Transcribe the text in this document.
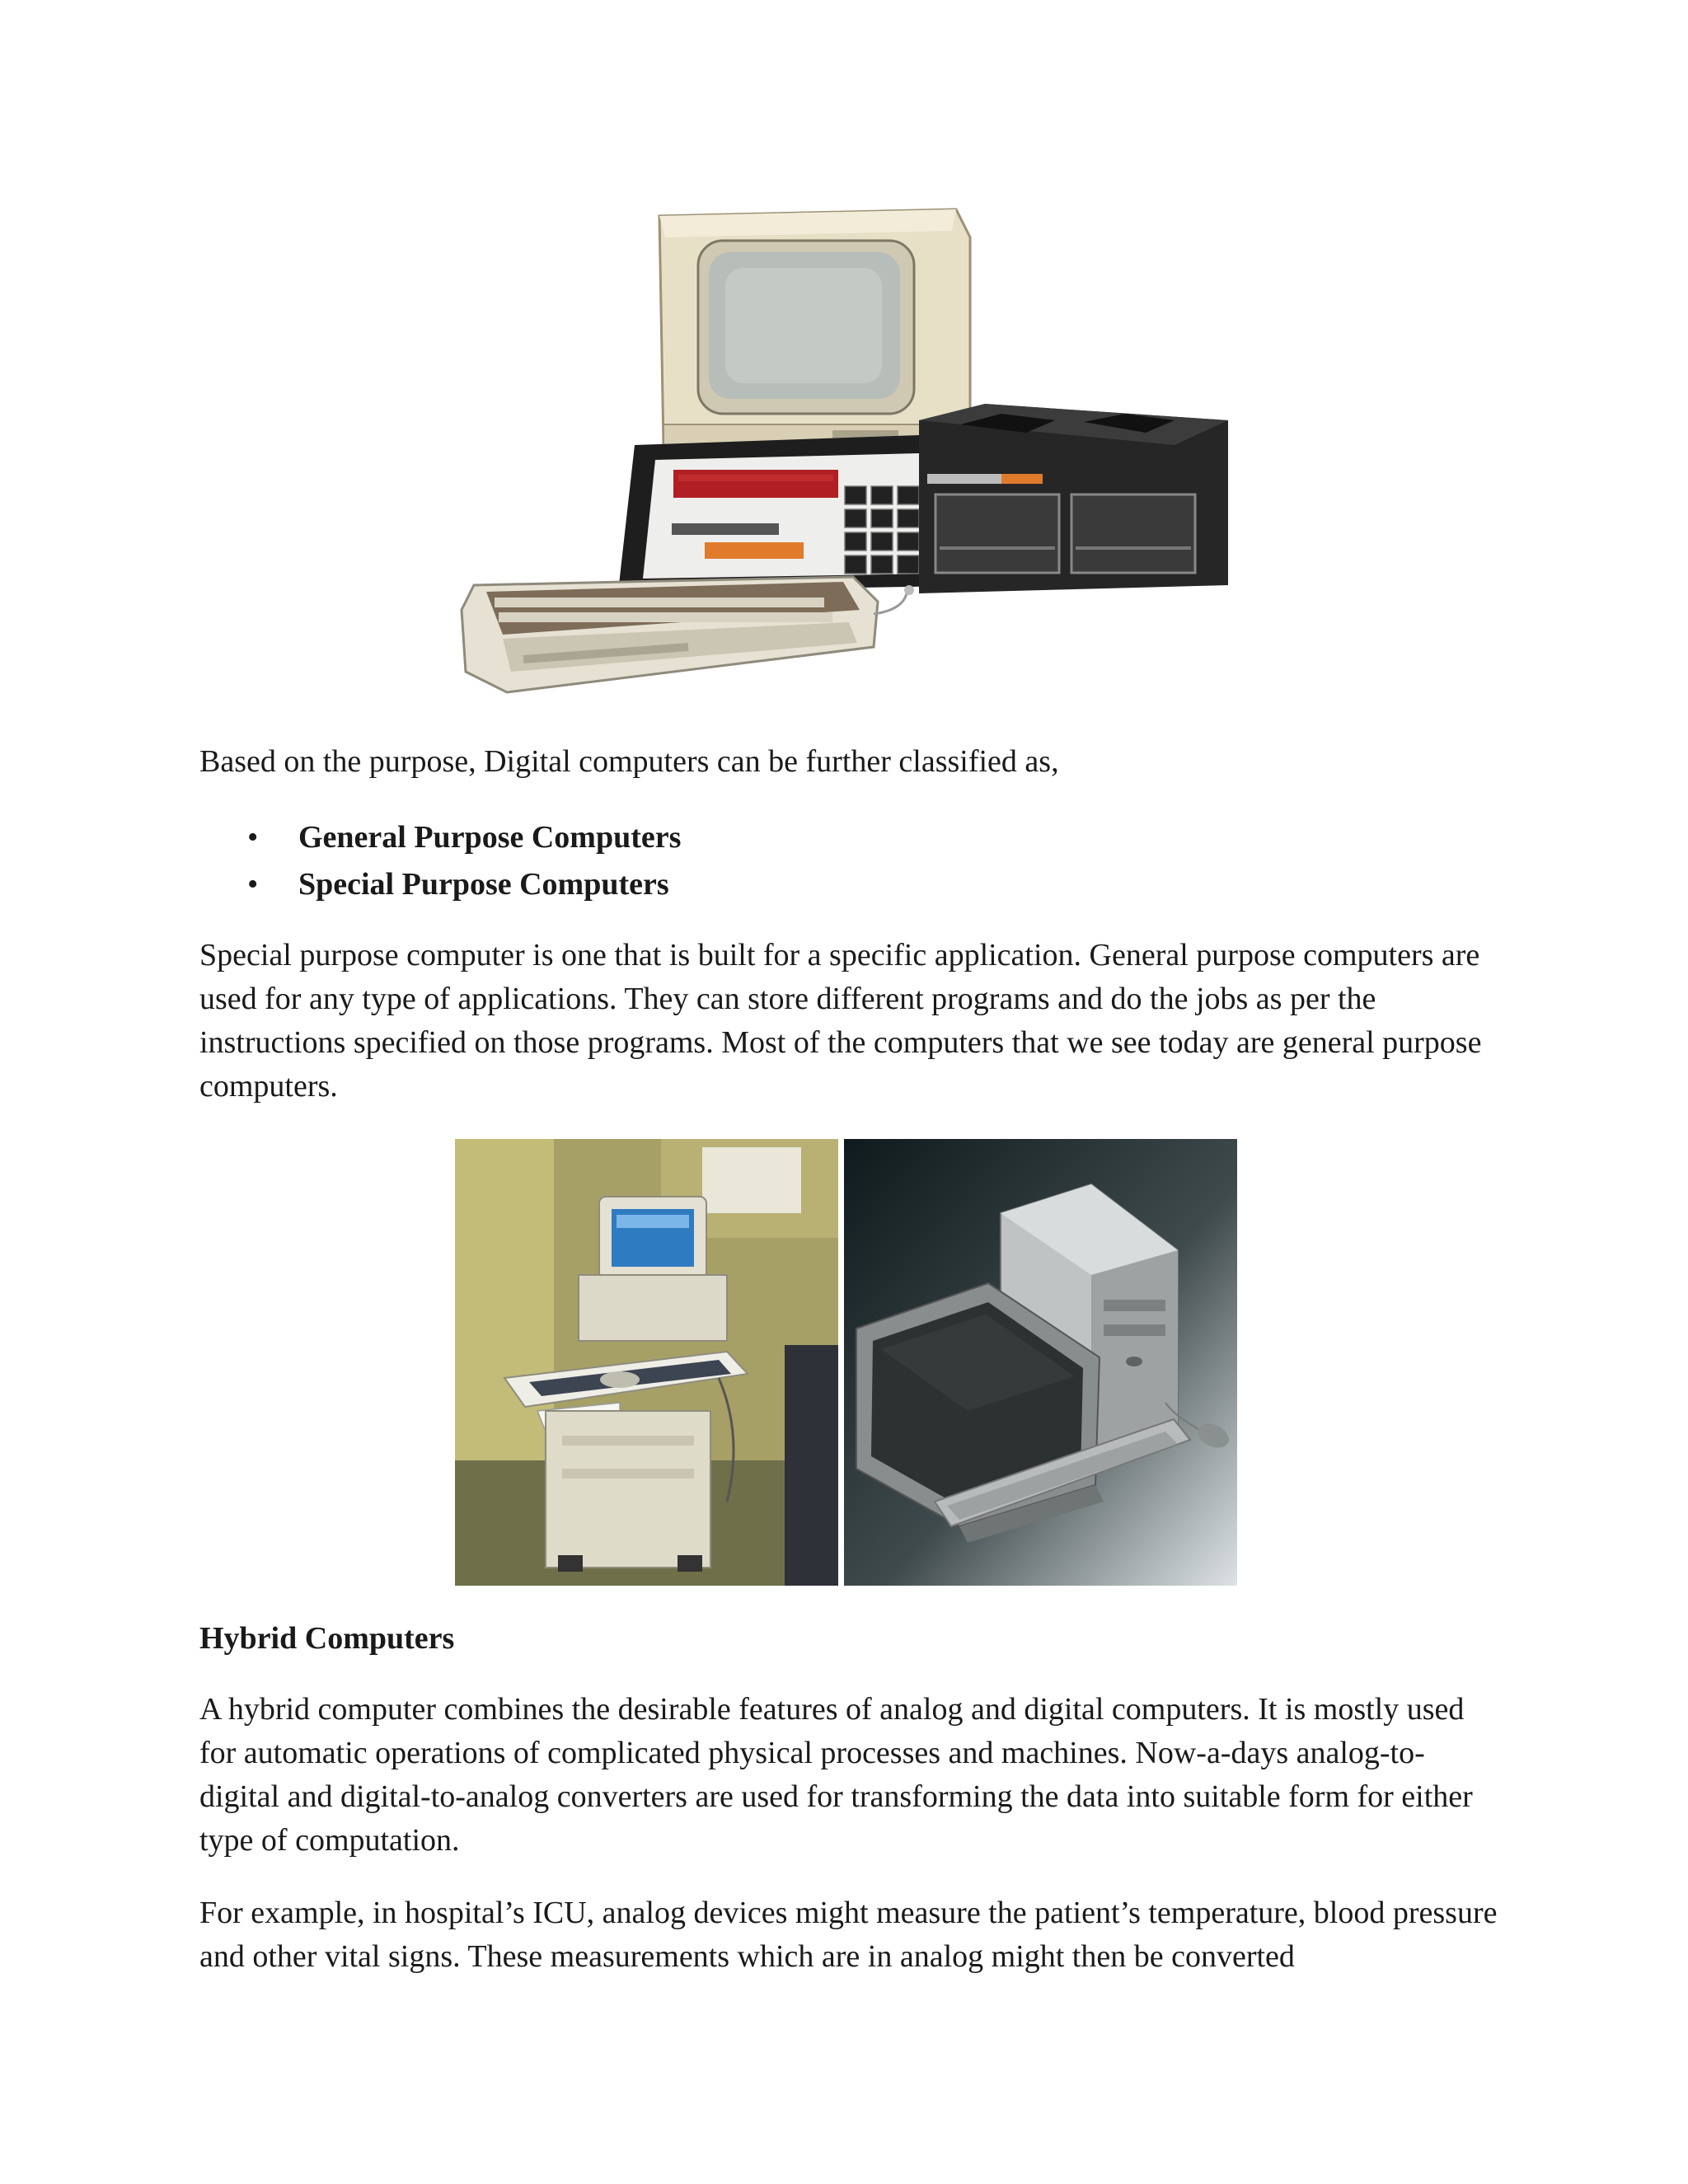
Based on the purpose, Digital computers can be further classified as,

• General Purpose Computers
• Special Purpose Computers

Special purpose computer is one that is built for a specific application. General purpose computers are used for any type of applications. They can store different programs and do the jobs as per the instructions specified on those programs. Most of the computers that we see today are general purpose computers.

Hybrid Computers

A hybrid computer combines the desirable features of analog and digital computers. It is mostly used for automatic operations of complicated physical processes and machines. Now-a-days analog-to-digital and digital-to-analog converters are used for transforming the data into suitable form for either type of computation.

For example, in hospital’s ICU, analog devices might measure the patient’s temperature, blood pressure and other vital signs. These measurements which are in analog might then be converted
